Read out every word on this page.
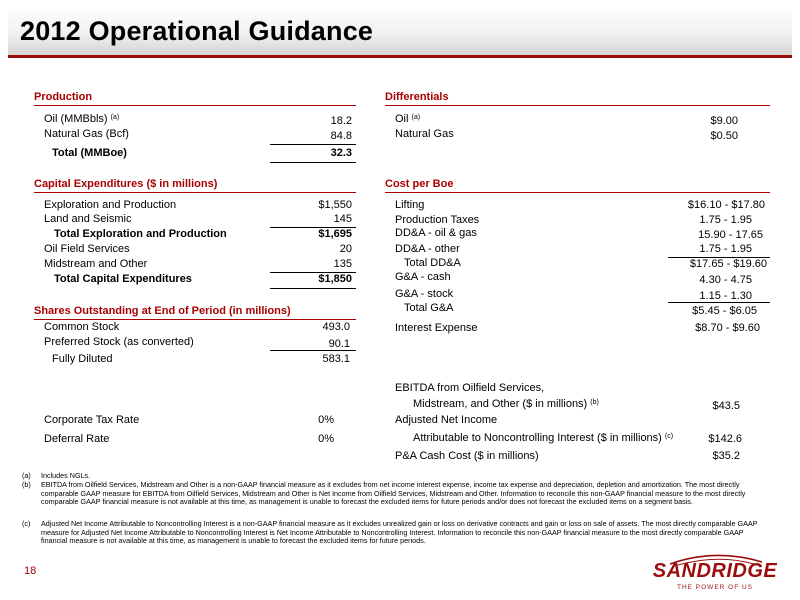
2012 Operational Guidance
Production
Oil (MMBbls) $^{(a)}$	18.2
Natural Gas (Bcf)	84.8
Total (MMBoe)	32.3
Capital Expenditures ($ in millions)
Exploration and Production	$1,550
Land and Seismic	145
Total Exploration and Production	$1,695
Oil Field Services	20
Midstream and Other	135
Total Capital Expenditures	$1,850
Shares Outstanding at End of Period (in millions)
Common Stock	493.0
Preferred Stock (as converted)	90.1
Fully Diluted	583.1
Corporate Tax Rate	0%
Deferral Rate	0%
Differentials
Oil $^{(a)}$	$9.00
Natural Gas	$0.50
Cost per Boe
Lifting	$16.10 - $17.80
Production Taxes	1.75 - 1.95
DD&A - oil & gas	15.90 - 17.65
DD&A - other	1.75 - 1.95
Total DD&A	$17.65 - $19.60
G&A - cash	4.30 - 4.75
G&A - stock	1.15 - 1.30
Total G&A	$5.45 - $6.05
Interest Expense	$8.70 - $9.60
EBITDA from Oilfield Services,
Midstream, and Other ($ in millions) $^{(b)}$	$43.5
Adjusted Net Income
Attributable to Noncontrolling Interest ($ in millions) $^{(c)}$	$142.6
P&A Cash Cost ($ in millions)	$35.2
(a) Includes NGLs.
(b) EBITDA from Oilfield Services, Midstream and Other is a non-GAAP financial measure as it excludes from net income interest expense, income tax expense and depreciation, depletion and amortization. The most directly comparable GAAP measure for EBITDA from Oilfield Services, Midstream and Other is Net Income from Oilfield Services, Midstream and Other. Information to reconcile this non-GAAP financial measure to the most directly comparable GAAP financial measure is not available at this time, as management is unable to forecast the excluded items for future periods and/or does not forecast the excluded items on a segment basis.
(c) Adjusted Net Income Attributable to Noncontrolling Interest is a non-GAAP financial measure as it excludes unrealized gain or loss on derivative contracts and gain or loss on sale of assets. The most directly comparable GAAP measure for Adjusted Net Income Attributable to Noncontrolling Interest is Net Income Attributable to Noncontrolling Interest. Information to reconcile this non-GAAP financial measure to the most directly comparable GAAP financial measure is not available at this time, as management is unable to forecast the excluded items for future periods.
18	SANDRIDGE
THE POWER OF US
